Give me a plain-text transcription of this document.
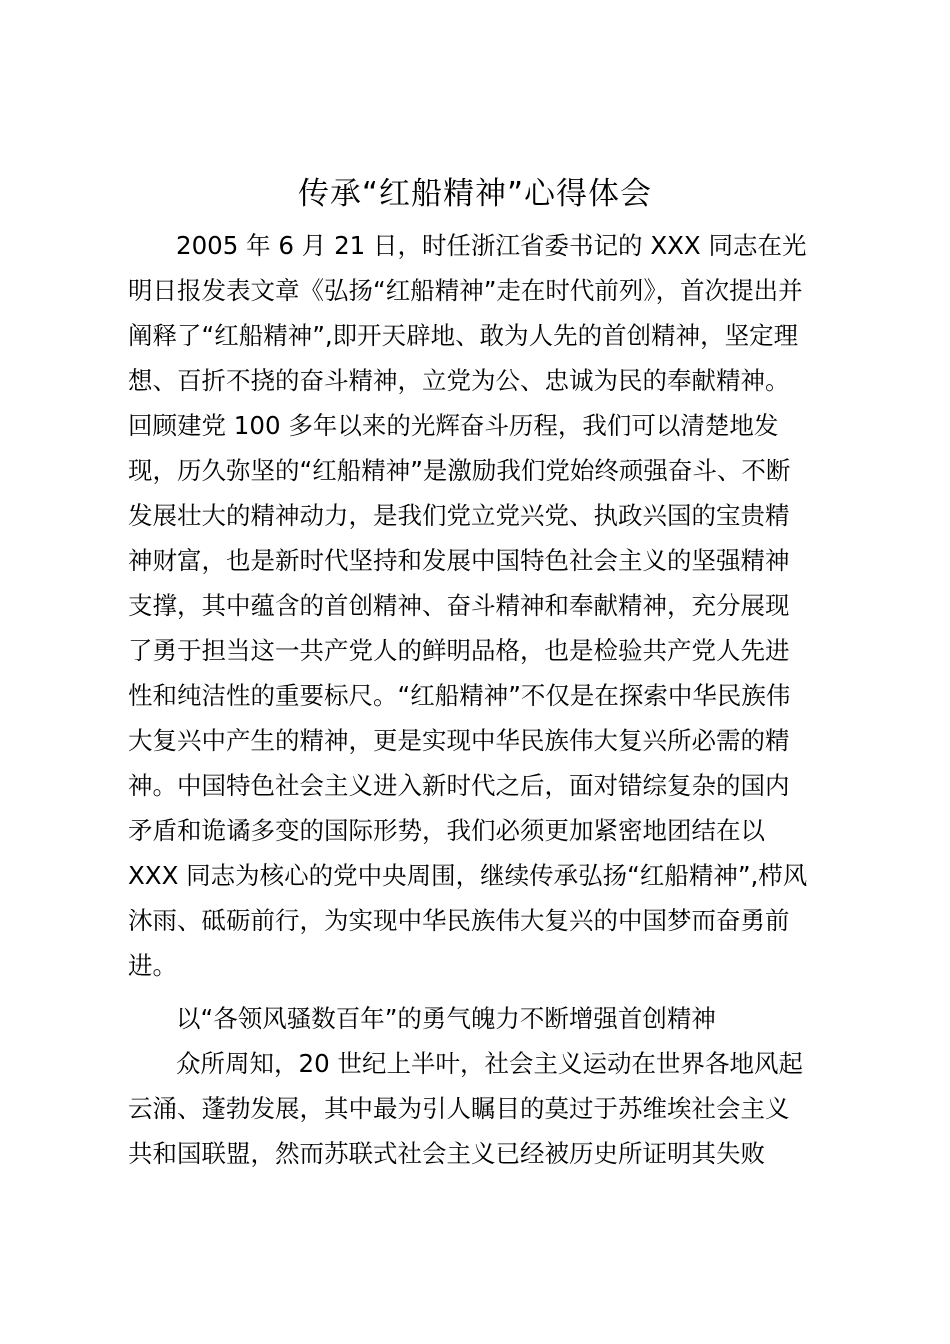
传承“红船精神”心得体会
2005 年 6 月 21 日，时任浙江省委书记的 XXX 同志在光
明日报发表文章《弘扬“红船精神”走在时代前列》，首次提出并
阐释了“红船精神”,即开天辟地、敢为人先的首创精神，坚定理
想、百折不挠的奋斗精神，立党为公、忠诚为民的奉献精神。
回顾建党 100 多年以来的光辉奋斗历程，我们可以清楚地发
现，历久弥坚的“红船精神”是激励我们党始终顽强奋斗、不断
发展壮大的精神动力，是我们党立党兴党、执政兴国的宝贵精
神财富，也是新时代坚持和发展中国特色社会主义的坚强精神
支撑，其中蕴含的首创精神、奋斗精神和奉献精神，充分展现
了勇于担当这一共产党人的鲜明品格，也是检验共产党人先进
性和纯洁性的重要标尺。“红船精神”不仅是在探索中华民族伟
大复兴中产生的精神，更是实现中华民族伟大复兴所必需的精
神。中国特色社会主义进入新时代之后，面对错综复杂的国内
矛盾和诡谲多变的国际形势，我们必须更加紧密地团结在以
XXX 同志为核心的党中央周围，继续传承弘扬“红船精神”,栉风
沐雨、砥砺前行，为实现中华民族伟大复兴的中国梦而奋勇前
进。
以“各领风骚数百年”的勇气魄力不断增强首创精神
众所周知，20 世纪上半叶，社会主义运动在世界各地风起
云涌、蓬勃发展，其中最为引人瞩目的莫过于苏维埃社会主义
共和国联盟，然而苏联式社会主义已经被历史所证明其失败
